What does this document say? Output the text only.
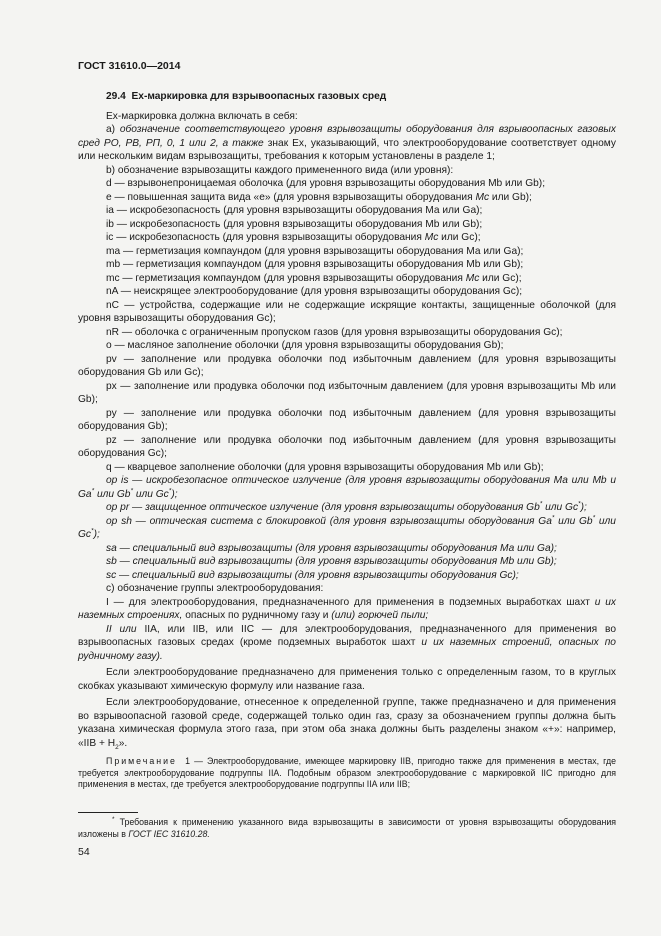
ГОСТ 31610.0—2014
29.4 Ex-маркировка для взрывоопасных газовых сред
Ex-маркировка должна включать в себя:
а) обозначение соответствующего уровня взрывозащиты оборудования для взрывоопасных газовых сред РО, РВ, РП, 0, 1 или 2, а также знак Ex, указывающий, что электрооборудование соответствует одному или нескольким видам взрывозащиты, требования к которым установлены в разделе 1;
b) обозначение взрывозащиты каждого примененного вида (или уровня):
d — взрывонепроницаемая оболочка (для уровня взрывозащиты оборудования Mb или Gb);
е — повышенная защита вида «е» (для уровня взрывозащиты оборудования Mc или Gb);
ia — искробезопасность (для уровня взрывозащиты оборудования Ма или Ga);
ib — искробезопасность (для уровня взрывозащиты оборудования Mb или Gb);
ic — искробезопасность (для уровня взрывозащиты оборудования Mc или Gc);
ma — герметизация компаундом (для уровня взрывозащиты оборудования Ма или Ga);
mb — герметизация компаундом (для уровня взрывозащиты оборудования Mb или Gb);
mc — герметизация компаундом (для уровня взрывозащиты оборудования Mc или Gc);
nA — неискрящее электрооборудование (для уровня взрывозащиты оборудования Gc);
nC — устройства, содержащие или не содержащие искрящие контакты, защищенные оболочкой (для уровня взрывозащиты оборудования Gc);
nR — оболочка с ограниченным пропуском газов (для уровня взрывозащиты оборудования Gc);
о — масляное заполнение оболочки (для уровня взрывозащиты оборудования Gb);
pv — заполнение или продувка оболочки под избыточным давлением (для уровня взрывозащиты оборудования Gb или Gc);
px — заполнение или продувка оболочки под избыточным давлением (для уровня взрывозащиты Mb или Gb);
py — заполнение или продувка оболочки под избыточным давлением (для уровня взрывозащиты оборудования Gb);
pz — заполнение или продувка оболочки под избыточным давлением (для уровня взрывозащиты оборудования Gc);
q — кварцевое заполнение оболочки (для уровня взрывозащиты оборудования Mb или Gb);
op is — искробезопасное оптическое излучение (для уровня взрывозащиты оборудования Ма или Mb и Ga* или Gb* или Gc*);
op pr — защищенное оптическое излучение (для уровня взрывозащиты оборудования Gb* или Gc*);
op sh — оптическая система с блокировкой (для уровня взрывозащиты оборудования Ga* или Gb* или Gc*);
sa — специальный вид взрывозащиты (для уровня взрывозащиты оборудования Ма или Ga);
sb — специальный вид взрывозащиты (для уровня взрывозащиты оборудования Mb или Gb);
sc — специальный вид взрывозащиты (для уровня взрывозащиты оборудования Gc);
с) обозначение группы электрооборудования:
I — для электрооборудования, предназначенного для применения в подземных выработках шахт и их наземных строениях, опасных по рудничному газу и (или) горючей пыли;
II или IIA, или IIB, или IIC — для электрооборудования, предназначенного для применения во взрывоопасных газовых средах (кроме подземных выработок шахт и их наземных строений, опасных по рудничному газу).
Если электрооборудование предназначено для применения только с определенным газом, то в круглых скобках указывают химическую формулу или название газа.
Если электрооборудование, отнесенное к определенной группе, также предназначено и для применения во взрывоопасной газовой среде, содержащей только один газ, сразу за обозначением группы должна быть указана химическая формула этого газа, при этом оба знака должны быть разделены знаком «+»: например, «IIB + $H_2$».
Примечание 1 — Электрооборудование, имеющее маркировку IIB, пригодно также для применения в местах, где требуется электрооборудование подгруппы IIA. Подобным образом электрооборудование с маркировкой IIC пригодно для применения в местах, где требуется электрооборудование подгруппы IIA или IIB;
* Требования к применению указанного вида взрывозащиты в зависимости от уровня взрывозащиты оборудования изложены в ГОСТ IEC 31610.28.
54
